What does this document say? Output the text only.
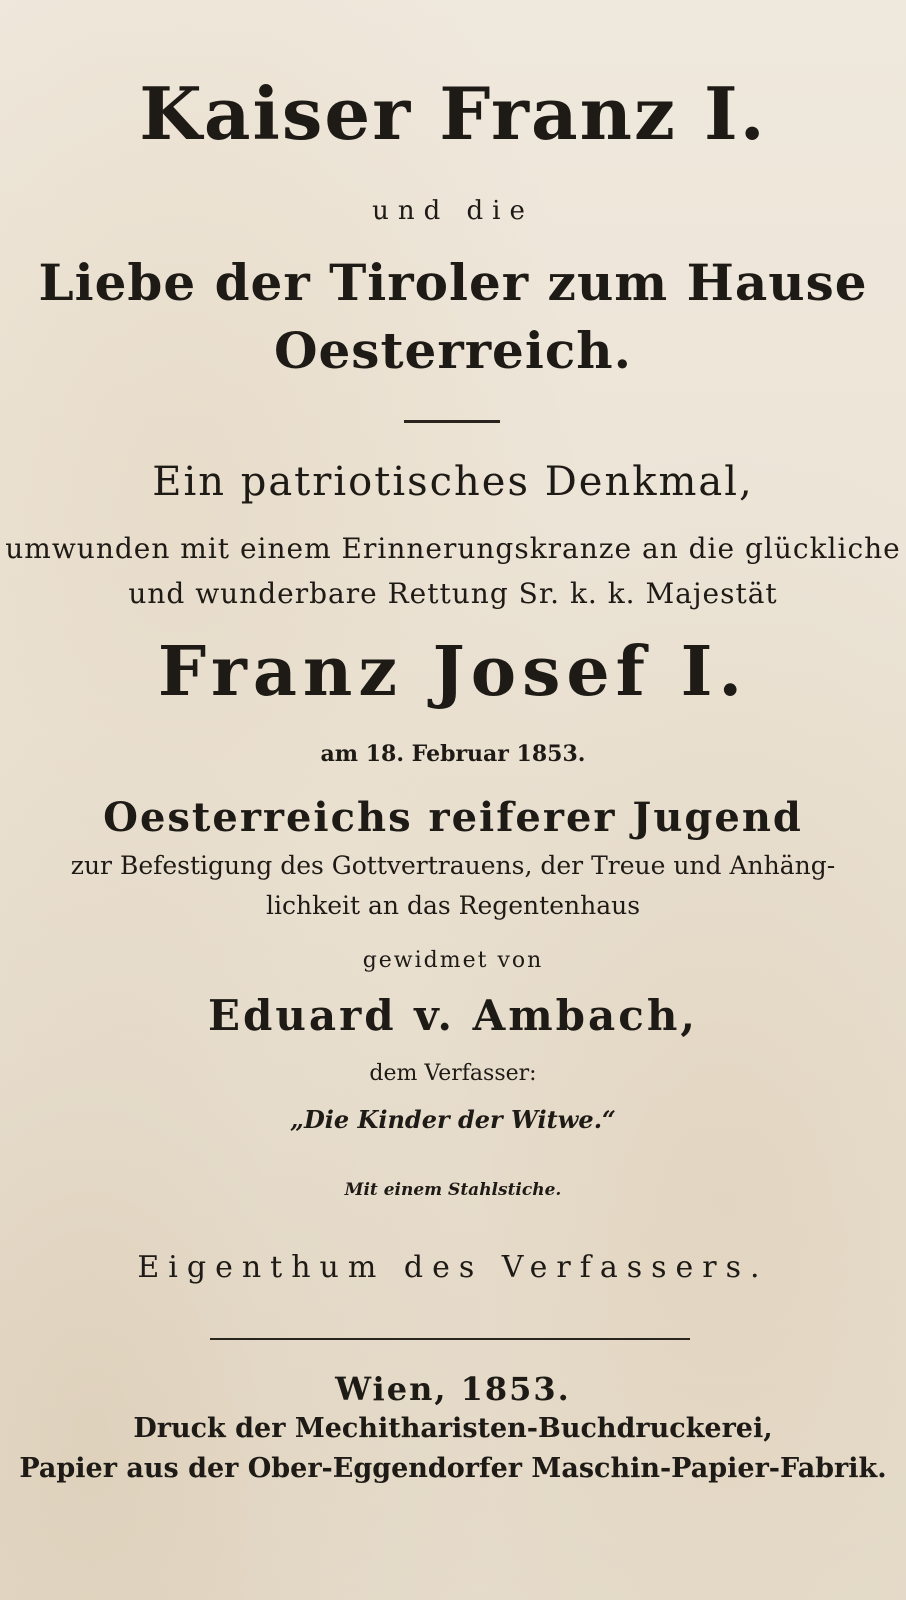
Kaiser Franz I.
und die
Liebe der Tiroler zum Hause
Oesterreich.
Ein patriotisches Denkmal,
umwunden mit einem Erinnerungskranze an die glückliche
und wunderbare Rettung Sr. k. k. Majestät
Franz Josef I.
am 18. Februar 1853.
Oesterreichs reiferer Jugend
zur Befestigung des Gottvertrauens, der Treue und Anhäng-
lichkeit an das Regentenhaus
gewidmet von
Eduard v. Ambach,
dem Verfasser:
„Die Kinder der Witwe.“
Mit einem Stahlstiche.
Eigenthum des Verfassers.
Wien, 1853.
Druck der Mechitharisten-Buchdruckerei,
Papier aus der Ober-Eggendorfer Maschin-Papier-Fabrik.
